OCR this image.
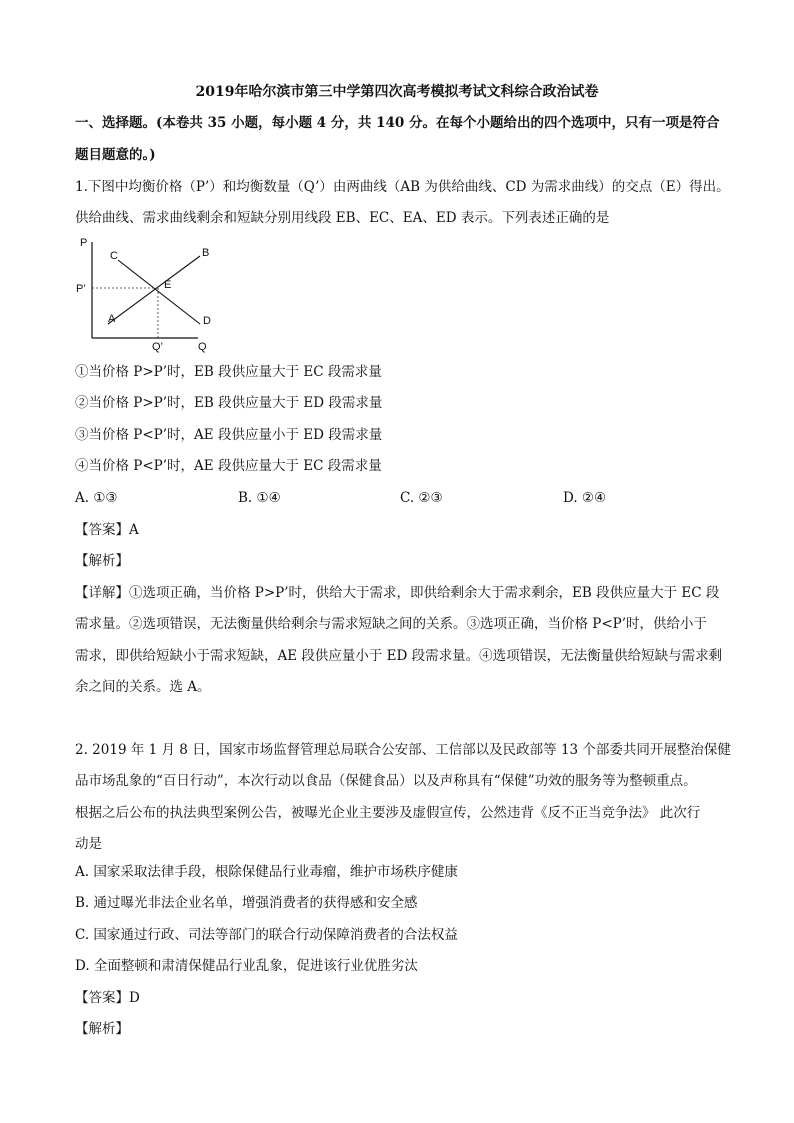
2019年哈尔滨市第三中学第四次高考模拟考试文科综合政治试卷
一、选择题。(本卷共 35 小题，每小题 4 分，共 140 分。在每个小题给出的四个选项中，只有一项是符合
题目题意的。)
1.下图中均衡价格（P’）和均衡数量（Q’）由两曲线（AB 为供给曲线、CD 为需求曲线）的交点（E）得出。
供给曲线、需求曲线剩余和短缺分别用线段 EB、EC、EA、ED 表示。下列表述正确的是
P
P’
Q’	Q
C	B
E
A	D
①当价格 P>P’时，EB 段供应量大于 EC 段需求量
②当价格 P>P’时，EB 段供应量大于 ED 段需求量
③当价格 P<P’时，AE 段供应量小于 ED 段需求量
④当价格 P<P’时，AE 段供应量大于 EC 段需求量
A. ①③	B. ①④	C. ②③	D. ②④
【答案】A
【解析】
【详解】①选项正确，当价格 P>P’时，供给大于需求，即供给剩余大于需求剩余，EB 段供应量大于 EC 段
需求量。②选项错误，无法衡量供给剩余与需求短缺之间的关系。③选项正确，当价格 P<P’时，供给小于
需求，即供给短缺小于需求短缺，AE 段供应量小于 ED 段需求量。④选项错误，无法衡量供给短缺与需求剩
余之间的关系。选 A。
2. 2019 年 1 月 8 日，国家市场监督管理总局联合公安部、工信部以及民政部等 13 个部委共同开展整治保健
品市场乱象的“百日行动”，本次行动以食品（保健食品）以及声称具有“保健”功效的服务等为整顿重点。
根据之后公布的执法典型案例公告，被曝光企业主要涉及虚假宣传，公然违背《反不正当竞争法》 此次行
动是
A. 国家采取法律手段，根除保健品行业毒瘤，维护市场秩序健康
B. 通过曝光非法企业名单，增强消费者的获得感和安全感
C. 国家通过行政、司法等部门的联合行动保障消费者的合法权益
D. 全面整顿和肃清保健品行业乱象，促进该行业优胜劣汰
【答案】D
【解析】
